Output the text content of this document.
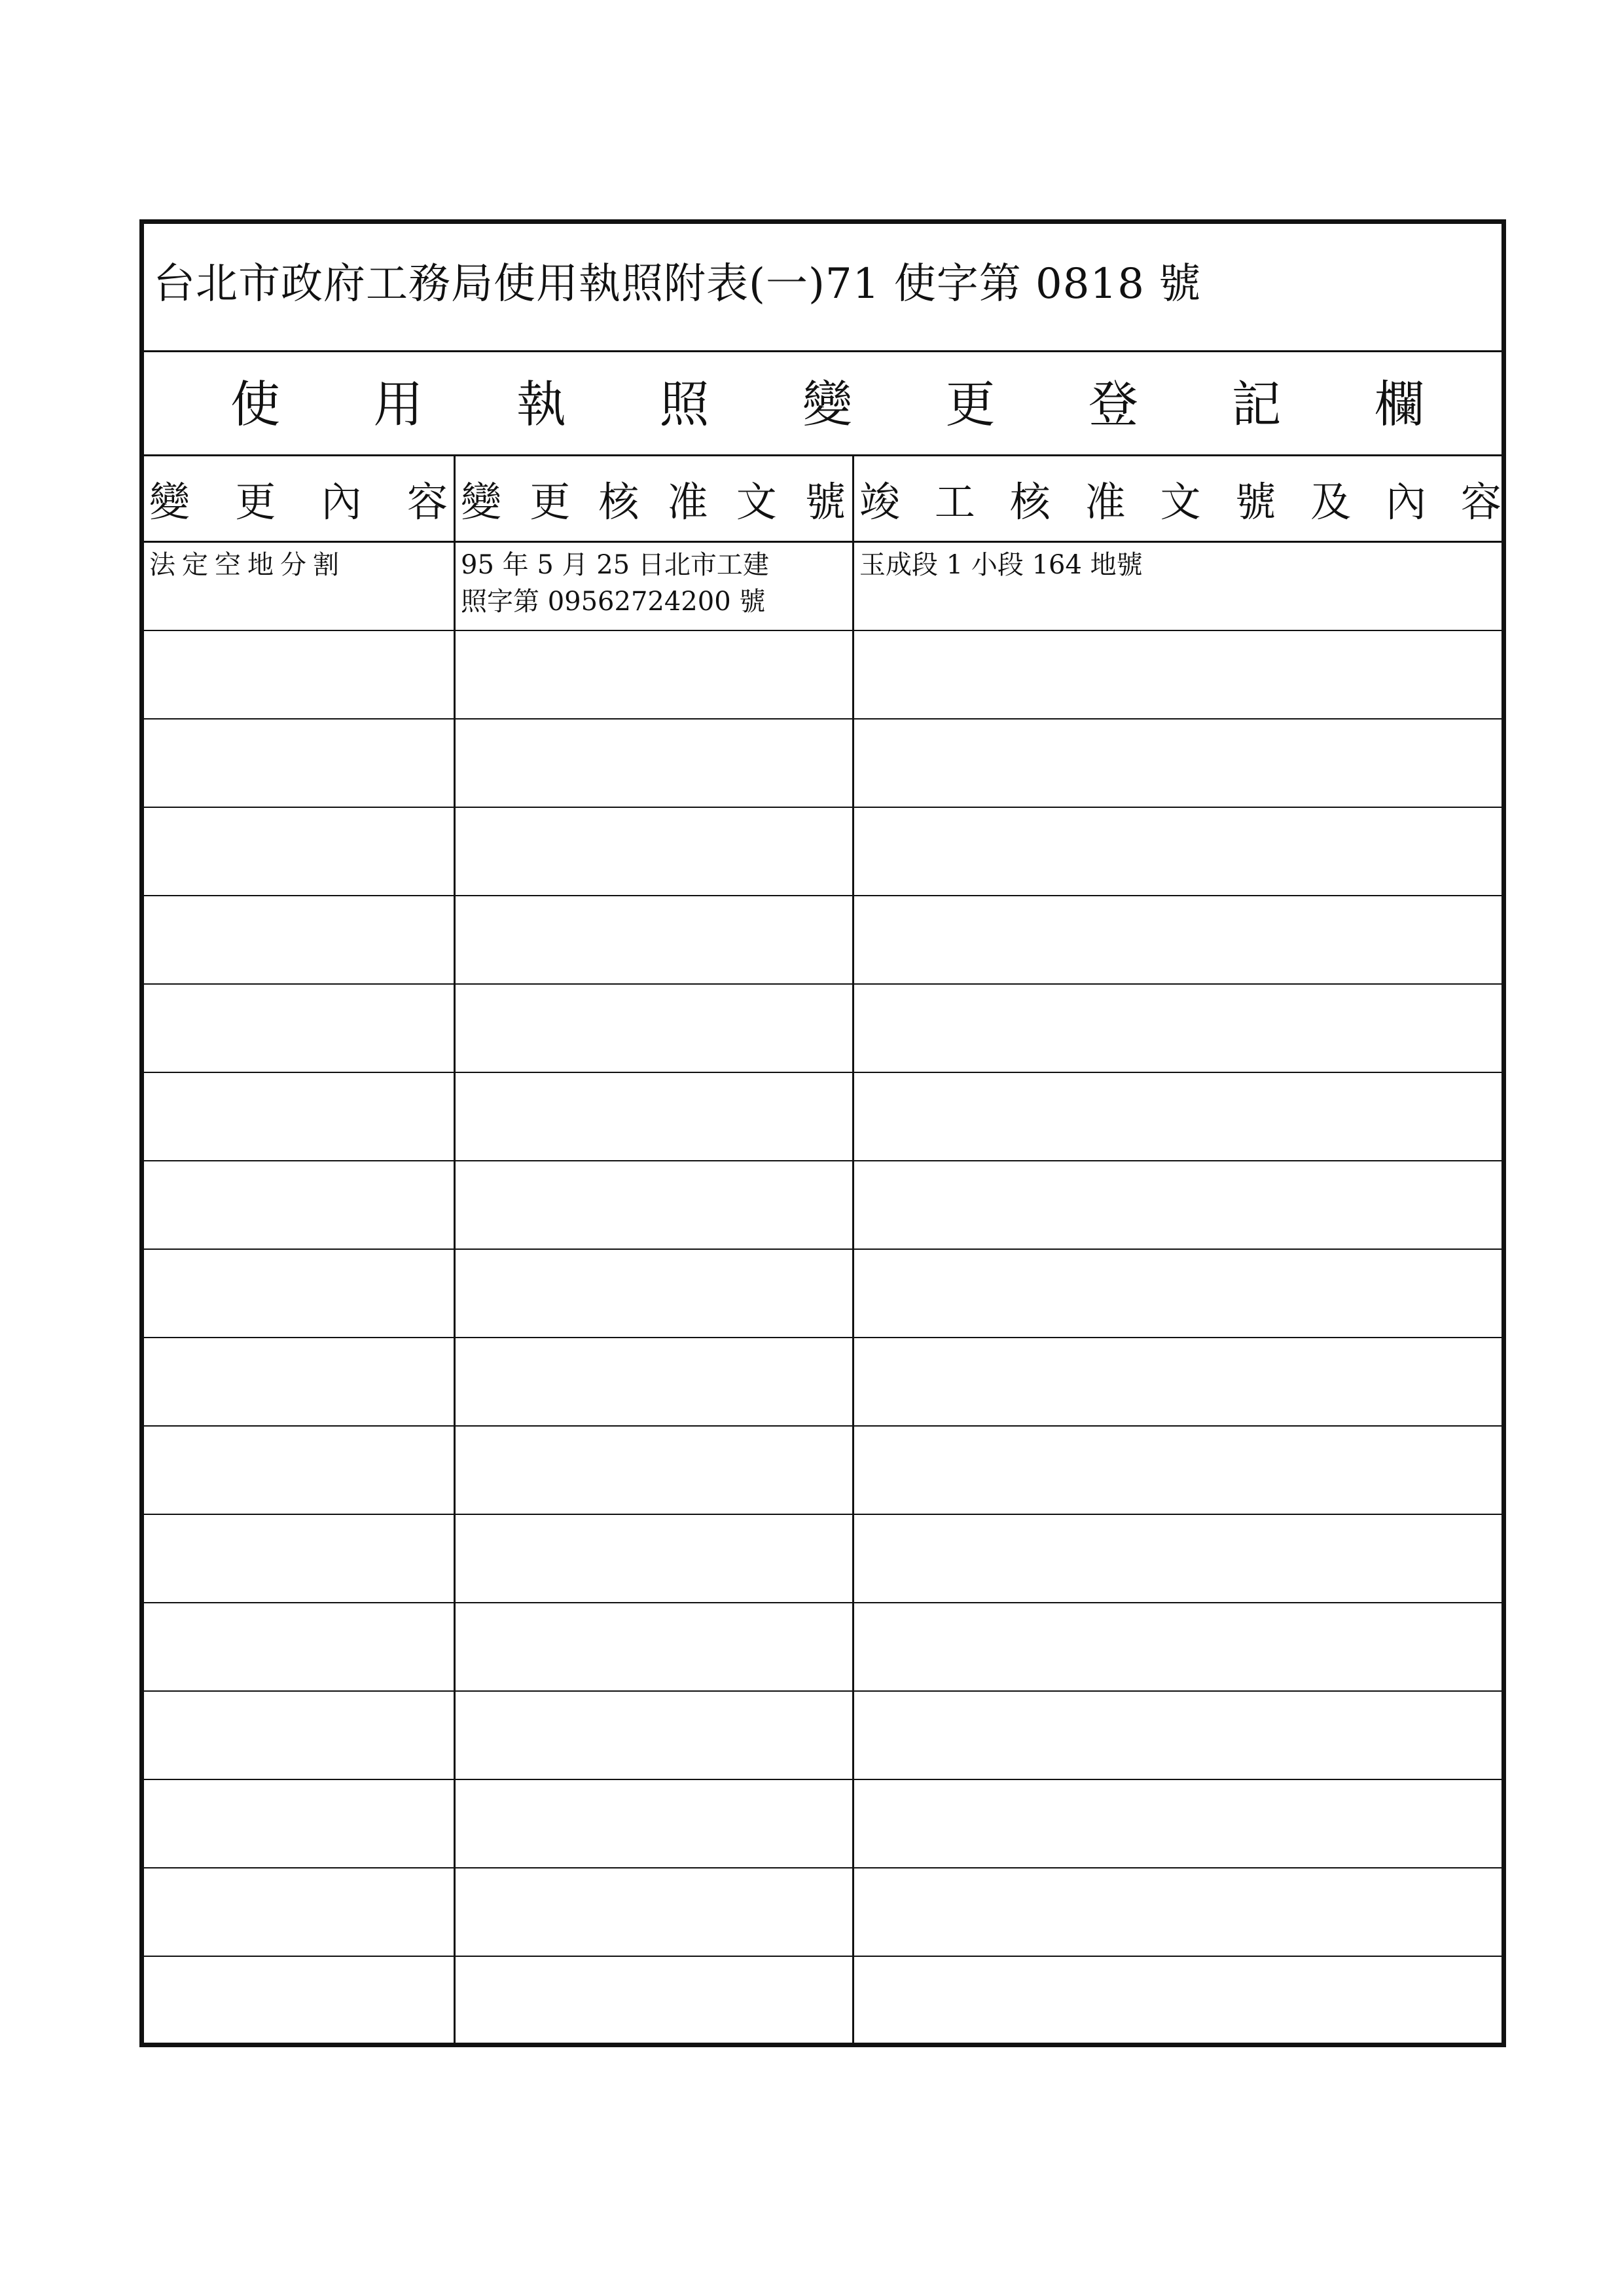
台北市政府工務局使用執照附表(一)71 使字第 0818 號
使 用 執 照 變 更 登 記 欄
變 更 內 容 變 更 核 准 文 號 竣 工 核 准 文 號 及 內 容
法定空地分割	95 年 5 月 25 日北市工建
照字第 09562724200 號
玉成段 1 小段 164 地號
